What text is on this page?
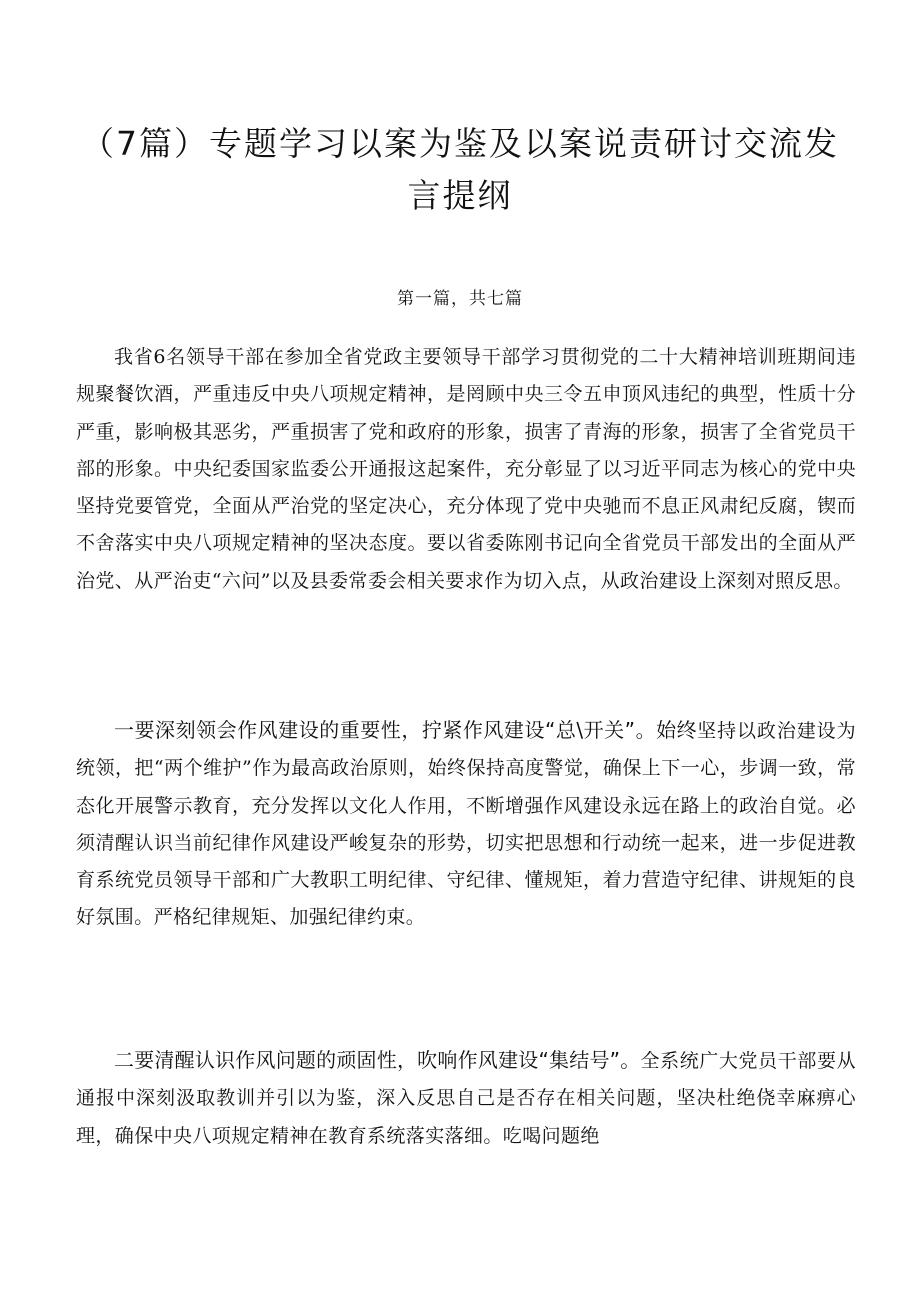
（7篇）专题学习以案为鉴及以案说责研讨交流发言提纲
第一篇，共七篇

我省6名领导干部在参加全省党政主要领导干部学习贯彻党的二十大精神培训班期间违规聚餐饮酒，严重违反中央八项规定精神，是罔顾中央三令五申顶风违纪的典型，性质十分严重，影响极其恶劣，严重损害了党和政府的形象，损害了青海的形象，损害了全省党员干部的形象。中央纪委国家监委公开通报这起案件，充分彰显了以习近平同志为核心的党中央坚持党要管党，全面从严治党的坚定决心，充分体现了党中央驰而不息正风肃纪反腐，锲而不舍落实中央八项规定精神的坚决态度。要以省委陈刚书记向全省党员干部发出的全面从严治党、从严治吏“六问”以及县委常委会相关要求作为切入点，从政治建设上深刻对照反思。

一要深刻领会作风建设的重要性，拧紧作风建设“总\开关”。始终坚持以政治建设为统领，把“两个维护”作为最高政治原则，始终保持高度警觉，确保上下一心，步调一致，常态化开展警示教育，充分发挥以文化人作用，不断增强作风建设永远在路上的政治自觉。必须清醒认识当前纪律作风建设严峻复杂的形势，切实把思想和行动统一起来，进一步促进教育系统党员领导干部和广大教职工明纪律、守纪律、懂规矩，着力营造守纪律、讲规矩的良好氛围。严格纪律规矩、加强纪律约束。

二要清醒认识作风问题的顽固性，吹响作风建设“集结号”。全系统广大党员干部要从通报中深刻汲取教训并引以为鉴，深入反思自己是否存在相关问题，坚决杜绝侥幸麻痹心理，确保中央八项规定精神在教育系统落实落细。吃喝问题绝
